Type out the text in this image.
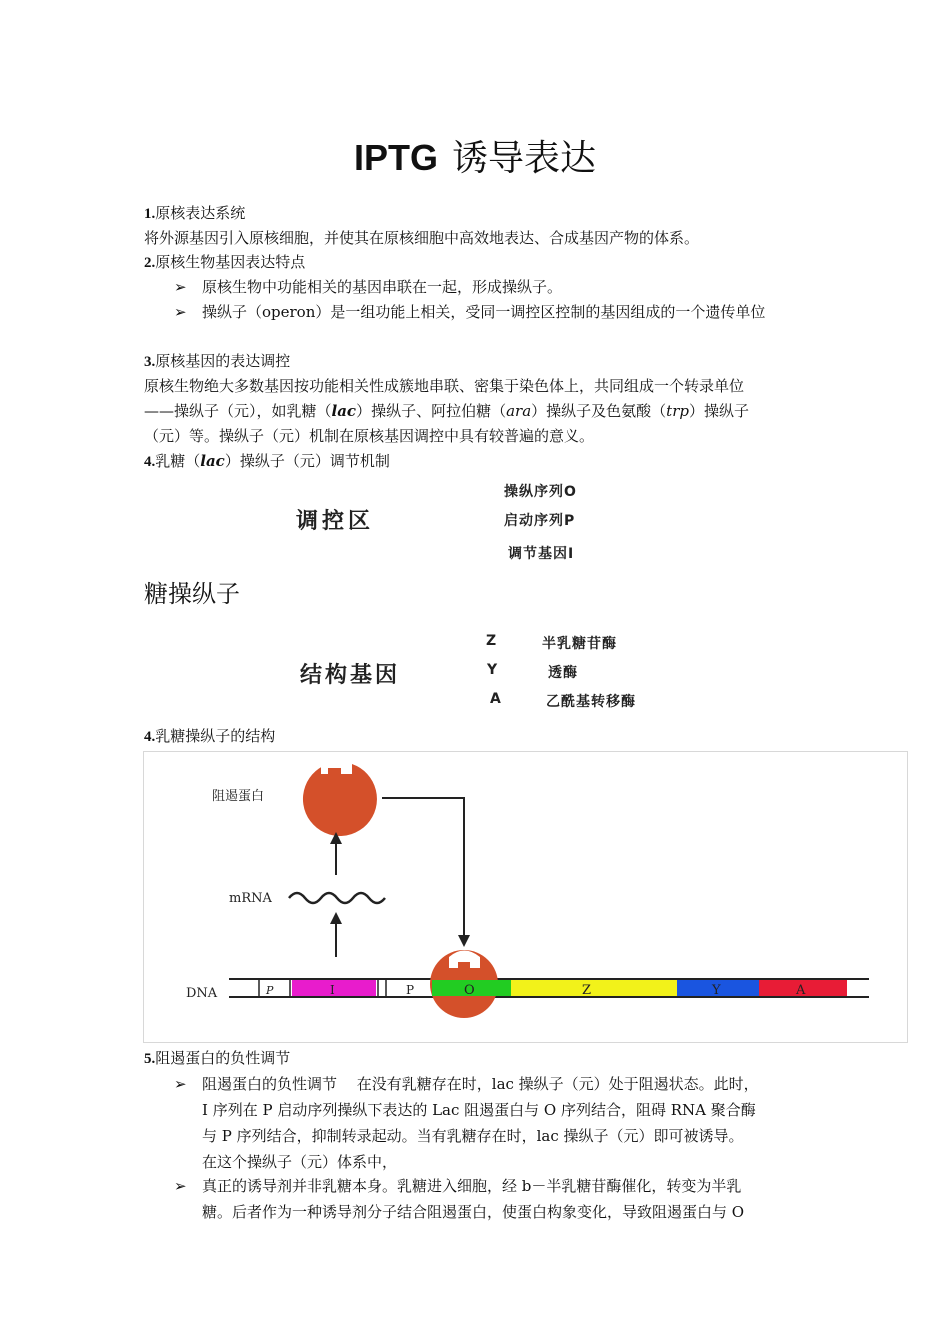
IPTG 诱导表达
1.原核表达系统
将外源基因引入原核细胞，并使其在原核细胞中高效地表达、合成基因产物的体系。
2.原核生物基因表达特点
➢ 原核生物中功能相关的基因串联在一起，形成操纵子。
➢ 操纵子（operon）是一组功能上相关，受同一调控区控制的基因组成的一个遗传单位
3.原核基因的表达调控
原核生物绝大多数基因按功能相关性成簇地串联、密集于染色体上，共同组成一个转录单位
——操纵子（元），如乳糖（lac）操纵子、阿拉伯糖（ara）操纵子及色氨酸（trp）操纵子
（元）等。操纵子（元）机制在原核基因调控中具有较普遍的意义。
4.乳糖（lac）操纵子（元）调节机制
调控区
操纵序列O
启动序列P
调节基因I
糖操纵子
结构基因
Z	半乳糖苷酶
Y	透酶
A	乙酰基转移酶
4.乳糖操纵子的结构
阻遏蛋白
mRNA
DNA	P	I	P	O	Z	Y	A
5.阻遏蛋白的负性调节
➢ 阻遏蛋白的负性调节　 在没有乳糖存在时，lac 操纵子（元）处于阻遏状态。此时，
I 序列在 P 启动序列操纵下表达的 Lac 阻遏蛋白与 O 序列结合，阻碍 RNA 聚合酶
与 P 序列结合，抑制转录起动。当有乳糖存在时，lac 操纵子（元）即可被诱导。
在这个操纵子（元）体系中，
➢ 真正的诱导剂并非乳糖本身。乳糖进入细胞，经 b－半乳糖苷酶催化，转变为半乳
糖。后者作为一种诱导剂分子结合阻遏蛋白，使蛋白构象变化，导致阻遏蛋白与 O
